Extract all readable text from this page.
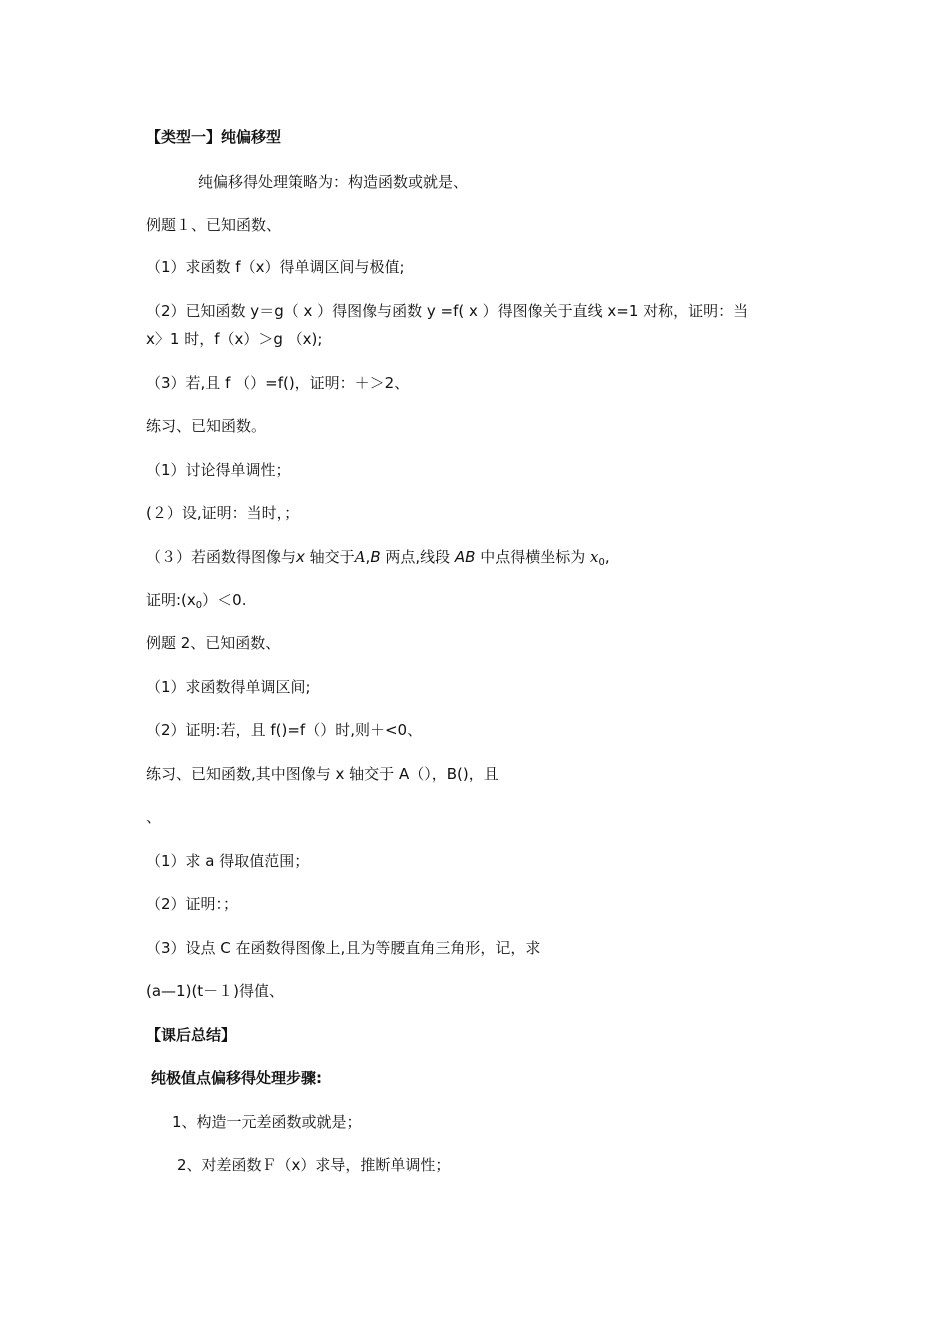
【类型一】纯偏移型
纯偏移得处理策略为：构造函数或就是、
例题１、已知函数、
（1）求函数 f（x）得单调区间与极值;
（2）已知函数 y＝g（ x ）得图像与函数 y =f( x ）得图像关于直线 x=1 对称，证明：当
x〉1 时，f（x）＞g （x);
（3）若,且 f （）=f()，证明：＋＞2、
练习、已知函数。
（1）讨论得单调性；
(２）设,证明：当时，；
（３）若函数得图像与x 轴交于A,B 两点,线段 AB 中点得横坐标为 $x_0$,
证明$:(x_0)<0$.
例题 2、已知函数、
（1）求函数得单调区间;
（2）证明:若，且 f()=f（）时,则＋<0、
练习、已知函数,其中图像与 x 轴交于 A（），B()，且
、
（1）求 a 得取值范围；
（2）证明：；
（3）设点 C 在函数得图像上,且为等腰直角三角形，记，求
(a—1)(t－１)得值、
【课后总结】
纯极值点偏移得处理步骤:
1、构造一元差函数或就是；
2、对差函数Ｆ（x）求导，推断单调性；
